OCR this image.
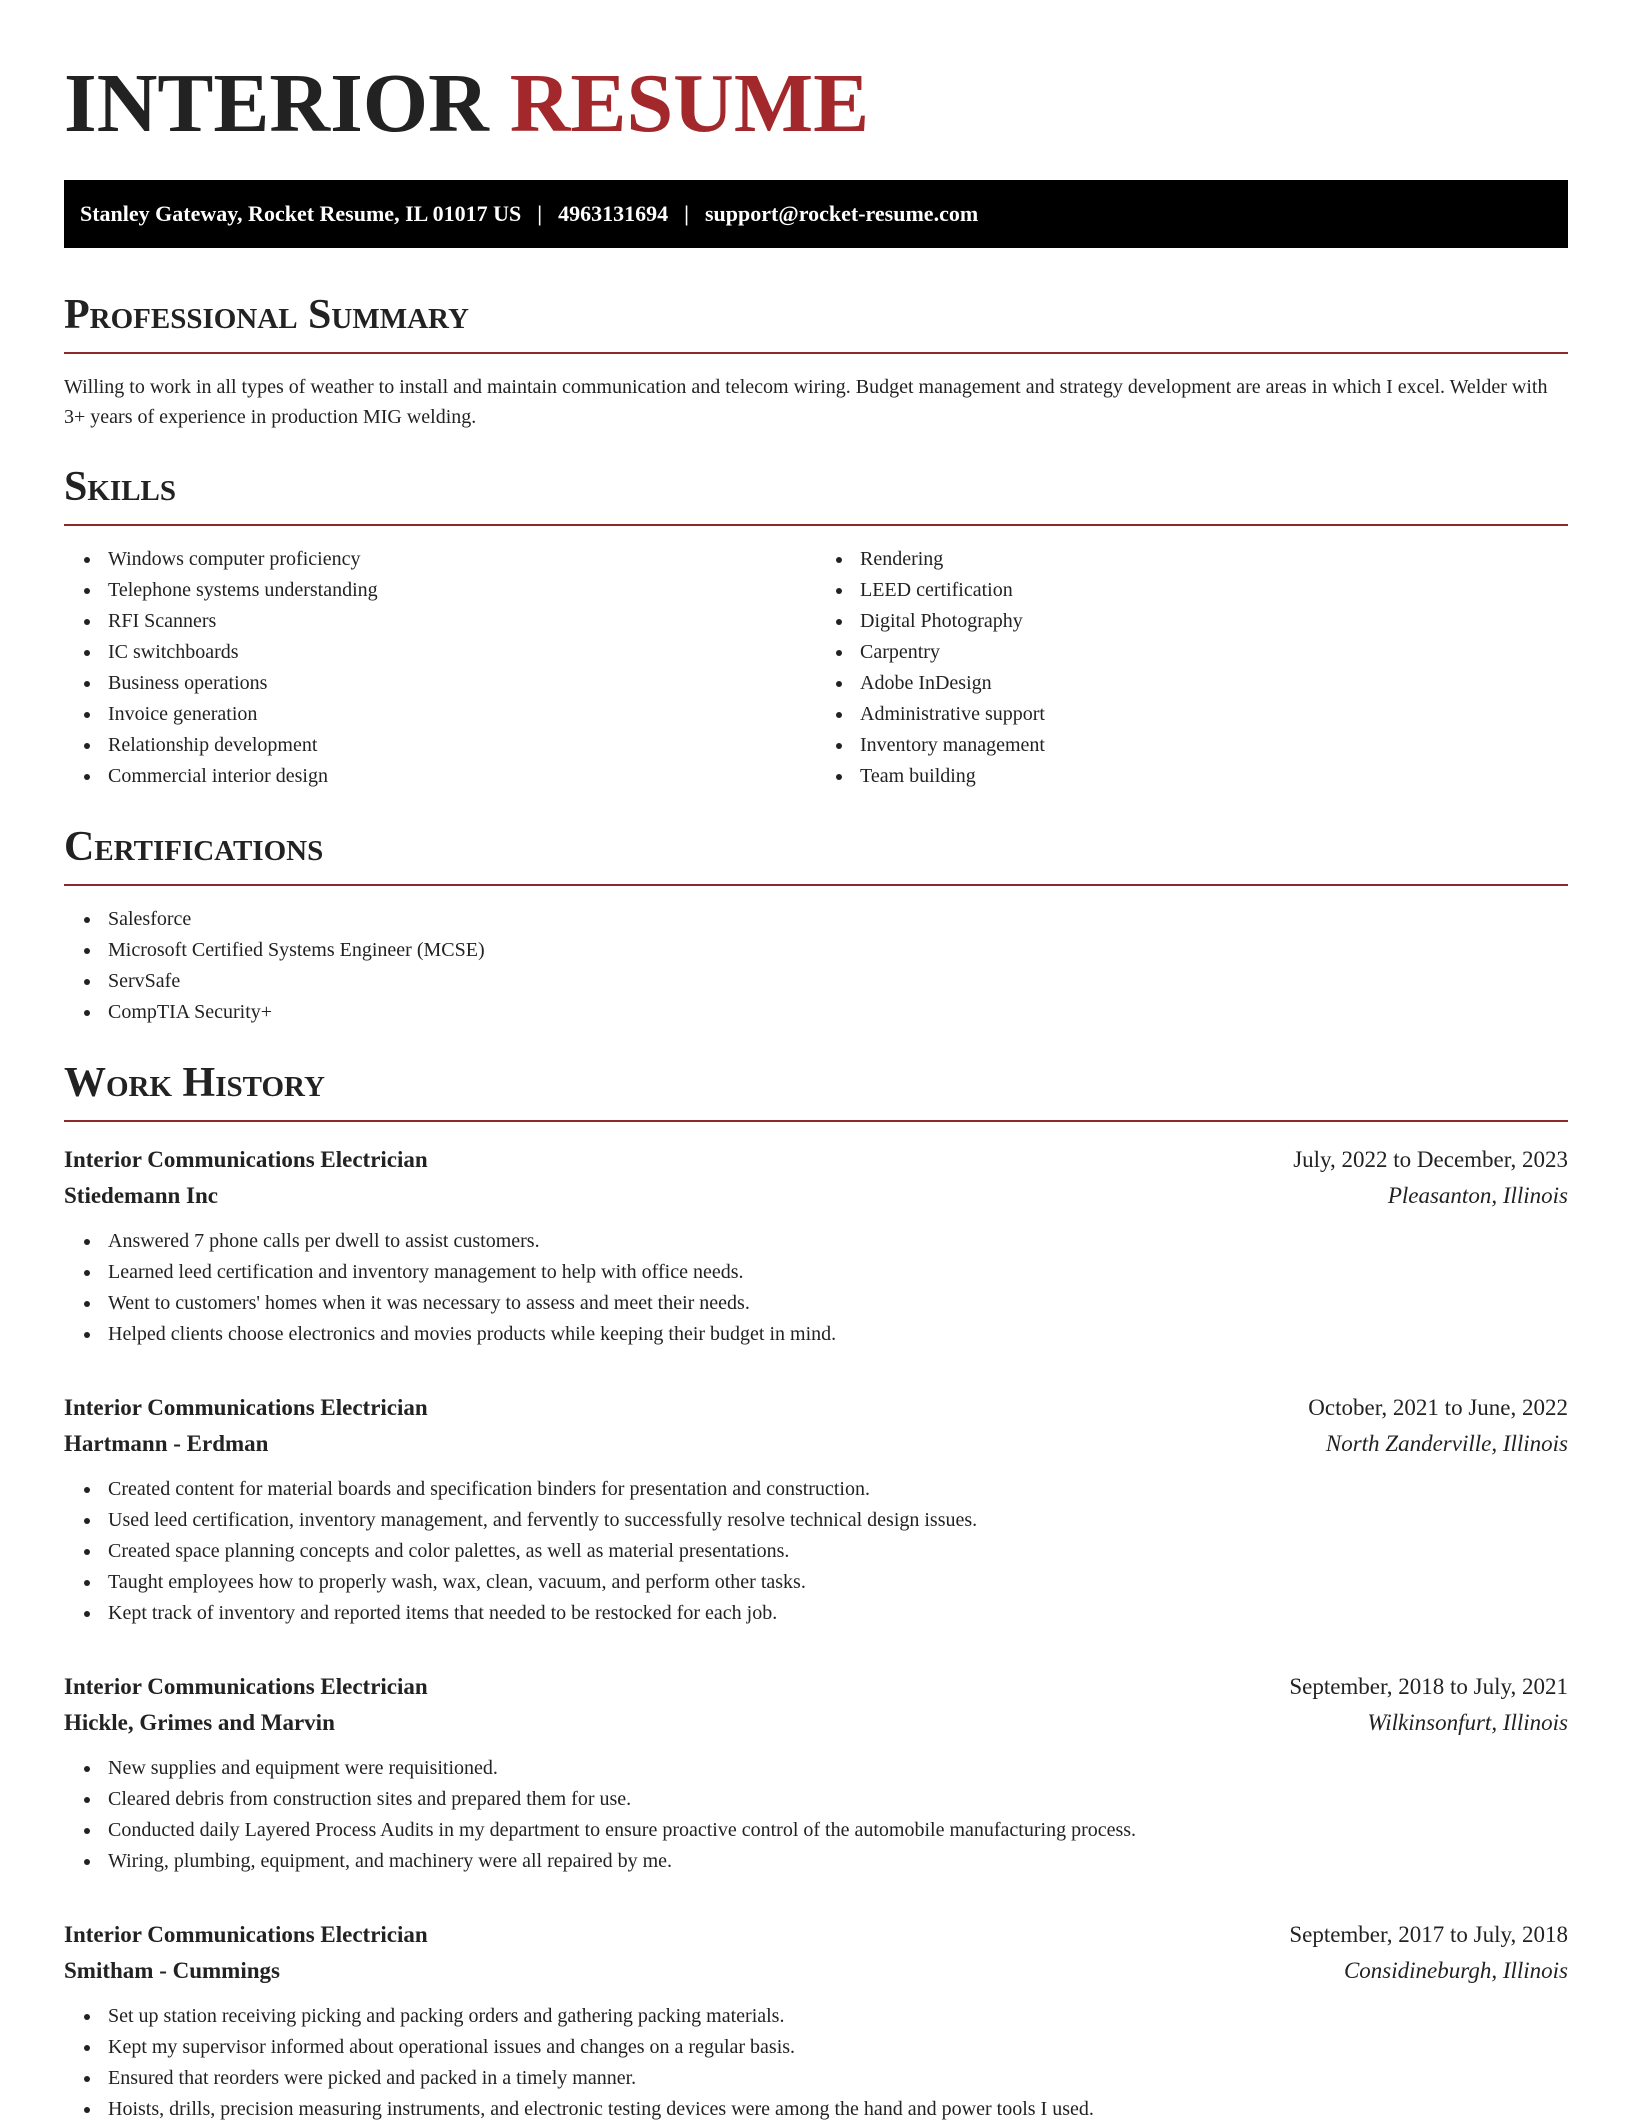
INTERIOR RESUME
Stanley Gateway, Rocket Resume, IL 01017 US | 4963131694 | support@rocket-resume.com
Professional Summary

Willing to work in all types of weather to install and maintain communication and telecom wiring. Budget management and strategy development are areas in which I excel. Welder with 3+ years of experience in production MIG welding.

Skills
Windows computer proficiency
Telephone systems understanding
RFI Scanners
IC switchboards
Business operations
Invoice generation
Relationship development
Commercial interior design
Rendering
LEED certification
Digital Photography
Carpentry
Adobe InDesign
Administrative support
Inventory management
Team building
Certifications
Salesforce
Microsoft Certified Systems Engineer (MCSE)
ServSafe
CompTIA Security+
Work History
Interior Communications Electrician	July, 2022 to December, 2023
Stiedemann Inc	Pleasanton, Illinois
Answered 7 phone calls per dwell to assist customers.
Learned leed certification and inventory management to help with office needs.
Went to customers' homes when it was necessary to assess and meet their needs.
Helped clients choose electronics and movies products while keeping their budget in mind.
Interior Communications Electrician	October, 2021 to June, 2022
Hartmann - Erdman	North Zanderville, Illinois
Created content for material boards and specification binders for presentation and construction.
Used leed certification, inventory management, and fervently to successfully resolve technical design issues.
Created space planning concepts and color palettes, as well as material presentations.
Taught employees how to properly wash, wax, clean, vacuum, and perform other tasks.
Kept track of inventory and reported items that needed to be restocked for each job.
Interior Communications Electrician	September, 2018 to July, 2021
Hickle, Grimes and Marvin	Wilkinsonfurt, Illinois
New supplies and equipment were requisitioned.
Cleared debris from construction sites and prepared them for use.
Conducted daily Layered Process Audits in my department to ensure proactive control of the automobile manufacturing process.
Wiring, plumbing, equipment, and machinery were all repaired by me.
Interior Communications Electrician	September, 2017 to July, 2018
Smitham - Cummings	Considineburgh, Illinois
Set up station receiving picking and packing orders and gathering packing materials.
Kept my supervisor informed about operational issues and changes on a regular basis.
Ensured that reorders were picked and packed in a timely manner.
Hoists, drills, precision measuring instruments, and electronic testing devices were among the hand and power tools I used.
